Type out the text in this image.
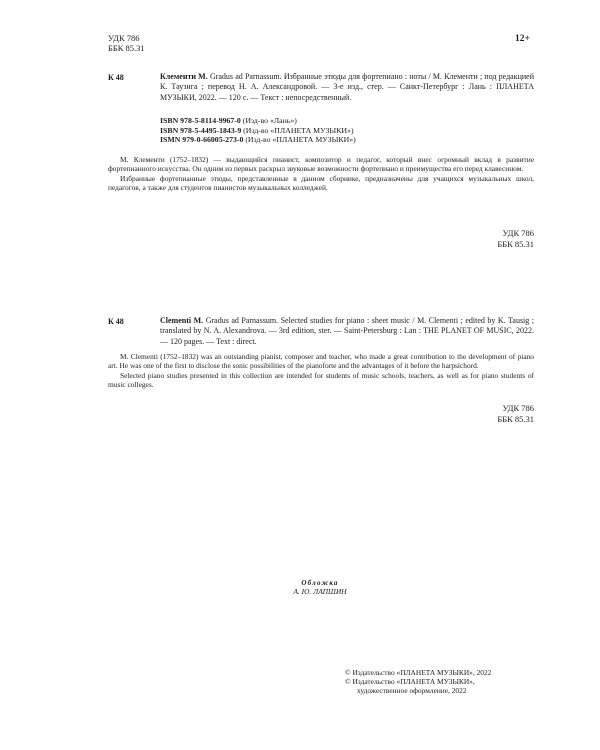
УДК 786
ББК 85.31
12+
К 48	Клементи М. Gradus ad Parnassum. Избранные этюды для фортепиано : ноты / М. Клементи ; под редакцией К. Таузига ; перевод Н. А. Александровой. — 3-е изд., стер. — Санкт-Петербург : Лань : ПЛАНЕТА МУЗЫКИ, 2022. — 120 с. — Текст : непосредственный.
ISBN 978-5-8114-9967-0 (Изд-во «Лань»)
ISBN 978-5-4495-1843-9 (Изд-во «ПЛАНЕТА МУЗЫКИ»)
ISMN 979-0-66005-273-0 (Изд-во «ПЛАНЕТА МУЗЫКИ»)

М. Клементи (1752–1832) — выдающийся пианист, композитор и педагог, который внес огромный вклад в развитие фортепианного искусства. Он одним из первых раскрыл звуковые возможности фортепиано и преимущества его перед клавесином.

Избранные фортепианные этюды, представленные в данном сборнике, предназначены для учащихся музыкальных школ, педагогов, а также для студентов пианистов музыкальных колледжей.

УДК 786
ББК 85.31
К 48	Clementi M. Gradus ad Parnassum. Selected studies for piano : sheet music / M. Clementi ; edited by K. Tausig ; translated by N. A. Alexandrova. — 3rd edition, ster. — Saint-Petersburg : Lan : THE PLANET OF MUSIC, 2022. — 120 pages. — Text : direct.

M. Clementi (1752–1832) was an outstanding pianist, composer and teacher, who made a great contribution to the development of piano art. He was one of the first to disclose the sonic possibilities of the pianoforte and the advantages of it before the harpsichord.

Selected piano studies presented in this collection are intended for students of music schools, teachers, as well as for piano students of music colleges.

УДК 786
ББК 85.31
Обложка
А. Ю. ЛАПШИН
© Издательство «ПЛАНЕТА МУЗЫКИ», 2022
© Издательство «ПЛАНЕТА МУЗЫКИ»,
художественное оформление, 2022
